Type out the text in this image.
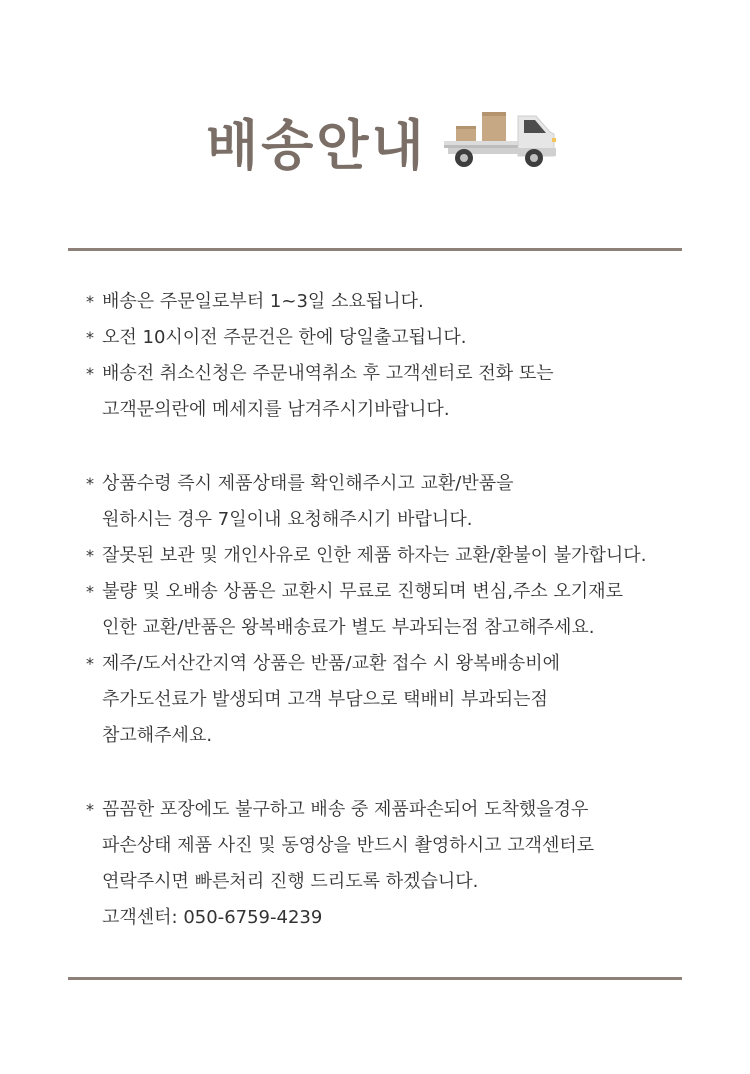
배송안내
* 배송은 주문일로부터 1~3일 소요됩니다.
* 오전 10시이전 주문건은 한에 당일출고됩니다.
* 배송전 취소신청은 주문내역취소 후 고객센터로 전화 또는
고객문의란에 메세지를 남겨주시기바랍니다.
* 상품수령 즉시 제품상태를 확인해주시고 교환/반품을
원하시는 경우 7일이내 요청해주시기 바랍니다.
* 잘못된 보관 및 개인사유로 인한 제품 하자는 교환/환불이 불가합니다.
* 불량 및 오배송 상품은 교환시 무료로 진행되며 변심,주소 오기재로
인한 교환/반품은 왕복배송료가 별도 부과되는점 참고해주세요.
* 제주/도서산간지역 상품은 반품/교환 접수 시 왕복배송비에
추가도선료가 발생되며 고객 부담으로 택배비 부과되는점
참고해주세요.
* 꼼꼼한 포장에도 불구하고 배송 중 제품파손되어 도착했을경우
파손상태 제품 사진 및 동영상을 반드시 촬영하시고 고객센터로
연락주시면 빠른처리 진행 드리도록 하겠습니다.
고객센터: 050-6759-4239
